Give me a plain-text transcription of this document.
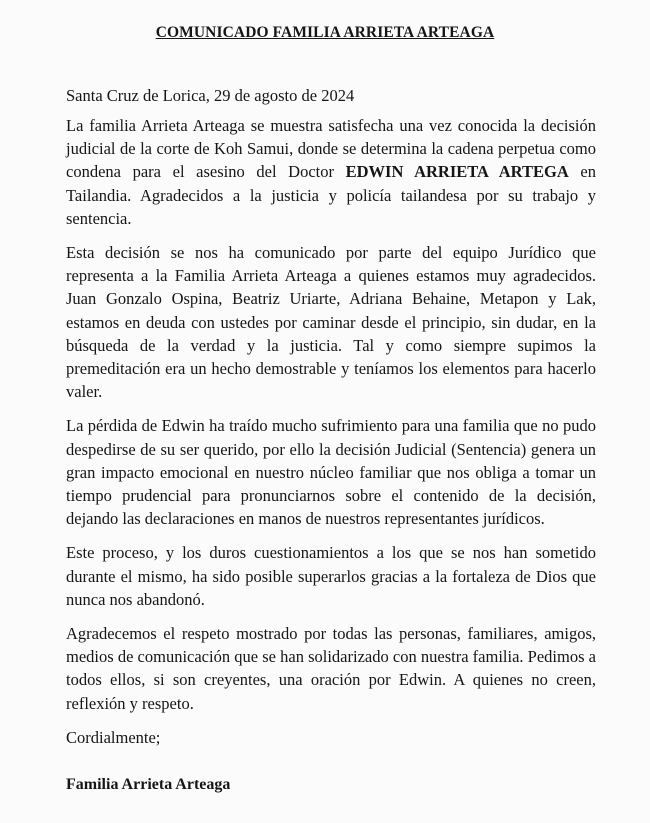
COMUNICADO FAMILIA ARRIETA ARTEAGA
Santa Cruz de Lorica, 29 de agosto de 2024

La familia Arrieta Arteaga se muestra satisfecha una vez conocida la decisión judicial de la corte de Koh Samui, donde se determina la cadena perpetua como condena para el asesino del Doctor EDWIN ARRIETA ARTEGA en Tailandia. Agradecidos a la justicia y policía tailandesa por su trabajo y sentencia.

Esta decisión se nos ha comunicado por parte del equipo Jurídico que representa a la Familia Arrieta Arteaga a quienes estamos muy agradecidos. Juan Gonzalo Ospina, Beatriz Uriarte, Adriana Behaine, Metapon y Lak, estamos en deuda con ustedes por caminar desde el principio, sin dudar, en la búsqueda de la verdad y la justicia. Tal y como siempre supimos la premeditación era un hecho demostrable y teníamos los elementos para hacerlo valer.

La pérdida de Edwin ha traído mucho sufrimiento para una familia que no pudo despedirse de su ser querido, por ello la decisión Judicial (Sentencia) genera un gran impacto emocional en nuestro núcleo familiar que nos obliga a tomar un tiempo prudencial para pronunciarnos sobre el contenido de la decisión, dejando las declaraciones en manos de nuestros representantes jurídicos.

Este proceso, y los duros cuestionamientos a los que se nos han sometido durante el mismo, ha sido posible superarlos gracias a la fortaleza de Dios que nunca nos abandonó.

Agradecemos el respeto mostrado por todas las personas, familiares, amigos, medios de comunicación que se han solidarizado con nuestra familia. Pedimos a todos ellos, si son creyentes, una oración por Edwin. A quienes no creen, reflexión y respeto.

Cordialmente;

Familia Arrieta Arteaga
